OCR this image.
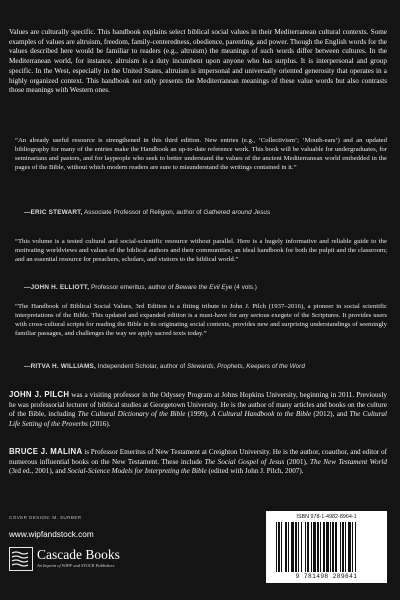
Values are culturally specific. This handbook explains select biblical social values in their Mediterranean cultural contexts. Some examples of values are altruism, freedom, family-centeredness, obedience, parenting, and power. Though the English words for the values described here would be familiar to readers (e.g., altruism) the meanings of such words differ between cultures. In the Mediterranean world, for instance, altruism is a duty incumbent upon anyone who has surplus. It is interpersonal and group specific. In the West, especially in the United States, altruism is impersonal and universally oriented generosity that operates in a highly organized context. This handbook not only presents the Mediterranean meanings of these value words but also contrasts those meanings with Western ones.

“An already useful resource is strengthened in this third edition. New entries (e.g., ‘Collectivism’; ‘Mouth-ears’) and an updated bibliography for many of the entries make the Handbook an up-to-date reference work. This book will be valuable for undergraduates, for seminarians and pastors, and for laypeople who seek to better understand the values of the ancient Mediterranean world embedded in the pages of the Bible, without which modern readers are sure to misunderstand the writings contained in it.”

—ERIC STEWART, Associate Professor of Religion, author of Gathered around Jesus

“This volume is a tested cultural and social-scientific resource without parallel. Here is a hugely informative and reliable guide to the motivating worldviews and values of the biblical authors and their communities; an ideal handbook for both the pulpit and the classroom; and an essential resource for preachers, scholars, and visitors to the biblical world.”

—JOHN H. ELLIOTT, Professor emeritus, author of Beware the Evil Eye (4 vols.)

“The Handbook of Biblical Social Values, 3rd Edition is a fitting tribute to John J. Pilch (1937–2016), a pioneer in social scientific interpretations of the Bible. This updated and expanded edition is a must-have for any serious exegete of the Scriptures. It provides users with cross-cultural scripts for reading the Bible in its originating social contexts, provides new and surprising understandings of seemingly familiar passages, and challenges the way we apply sacred texts today.”

—RITVA H. WILLIAMS, Independent Scholar, author of Stewards, Prophets, Keepers of the Word

JOHN J. PILCH was a visiting professor in the Odyssey Program at Johns Hopkins University, beginning in 2011. Previously he was professorial lecturer of biblical studies at Georgetown University. He is the author of many articles and books on the culture of the Bible, including The Cultural Dictionary of the Bible (1999), A Cultural Handbook to the Bible (2012), and The Cultural Life Setting of the Proverbs (2016).

BRUCE J. MALINA is Professor Emeritus of New Testament at Creighton University. He is the author, coauthor, and editor of numerous influential books on the New Testament. These include The Social Gospel of Jesus (2001), The New Testament World (3rd ed., 2001), and Social-Science Models for Interpreting the Bible (edited with John J. Pilch, 2007).

COVER DESIGN: M. SURBER
www.wipfandstock.com
Cascade Books
An Imprint of WIPF and STOCK Publishers
ISBN 978-1-4982-8964-1
9 781498 289641
